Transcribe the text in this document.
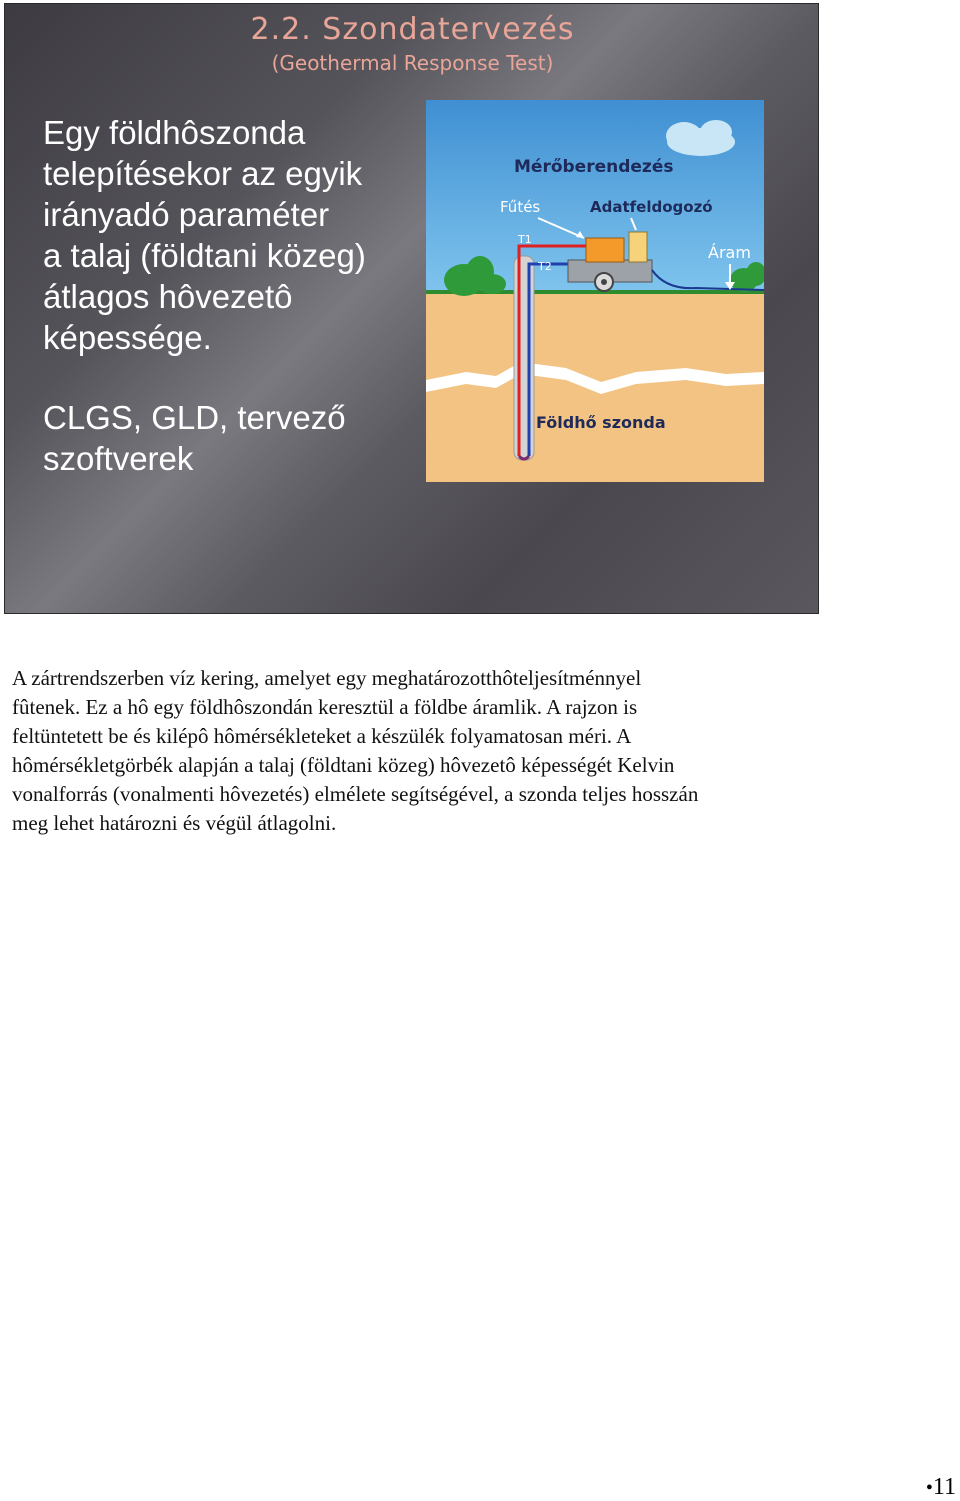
2.2. Szondatervezés
(Geothermal Response Test)
Egy földhôszonda
telepítésekor az egyik
irányadó paraméter
a talaj (földtani közeg)
átlagos hôvezetô
képessége.
CLGS, GLD, tervező
szoftverek
Mérőberendezés
Fűtés	Adatfeldogozó
T1
T2
Áram
Földhő szonda
A zártrendszerben víz kering, amelyet egy meghatározotthôteljesítménnyel
fûtenek. Ez a hô egy földhôszondán keresztül a földbe áramlik. A rajzon is
feltüntetett be és kilépô hômérsékleteket a készülék folyamatosan méri. A
hômérsékletgörbék alapján a talaj (földtani közeg) hôvezetô képességét Kelvin
vonalforrás (vonalmenti hôvezetés) elmélete segítségével, a szonda teljes hosszán
meg lehet határozni és végül átlagolni.
•11
